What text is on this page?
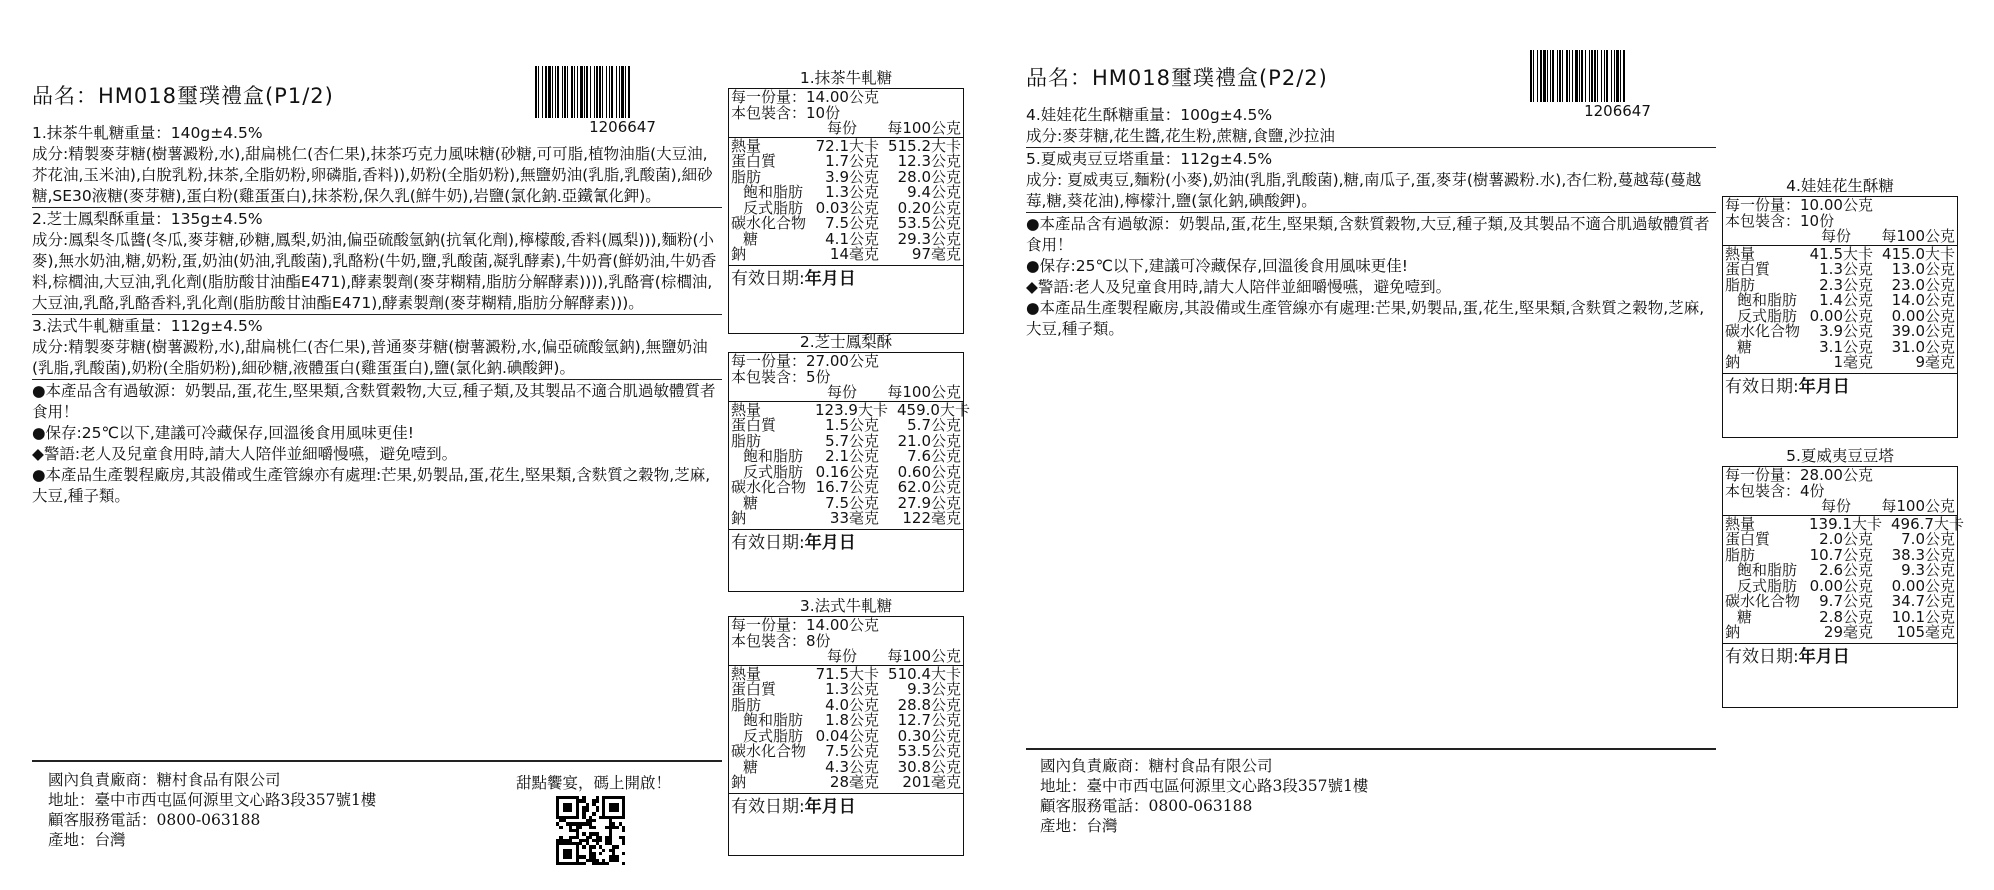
品名：HM018璽璞禮盒(P1/2)
1206647

1.抹茶牛軋糖重量：140g±4.5%

成分:精製麥芽糖(樹薯澱粉,水),甜扁桃仁(杏仁果),抹茶巧克力風味糖(砂糖,可可脂,植物油脂(大豆油,芥花油,玉米油),白脫乳粉,抹茶,全脂奶粉,卵磷脂,香料)),奶粉(全脂奶粉),無鹽奶油(乳脂,乳酸菌),細砂糖,SE30液糖(麥芽糖),蛋白粉(雞蛋蛋白),抹茶粉,保久乳(鮮牛奶),岩鹽(氯化鈉.亞鐵氰化鉀)。

2.芝士鳳梨酥重量：135g±4.5%

成分:鳳梨冬瓜醬(冬瓜,麥芽糖,砂糖,鳳梨,奶油,偏亞硫酸氫鈉(抗氧化劑),檸檬酸,香料(鳳梨))),麵粉(小麥),無水奶油,糖,奶粉,蛋,奶油(奶油,乳酸菌),乳酪粉(牛奶,鹽,乳酸菌,凝乳酵素),牛奶膏(鮮奶油,牛奶香料,棕櫚油,大豆油,乳化劑(脂肪酸甘油酯E471),酵素製劑(麥芽糊精,脂肪分解酵素)))),乳酪膏(棕櫚油,大豆油,乳酪,乳酪香料,乳化劑(脂肪酸甘油酯E471),酵素製劑(麥芽糊精,脂肪分解酵素)))。

3.法式牛軋糖重量：112g±4.5%

成分:精製麥芽糖(樹薯澱粉,水),甜扁桃仁(杏仁果),普通麥芽糖(樹薯澱粉,水,偏亞硫酸氫鈉),無鹽奶油(乳脂,乳酸菌),奶粉(全脂奶粉),細砂糖,液體蛋白(雞蛋蛋白),鹽(氯化鈉.碘酸鉀)。

●本產品含有過敏源：奶製品,蛋,花生,堅果類,含麩質穀物,大豆,種子類,及其製品不適合肌過敏體質者食用！

●保存:25℃以下,建議可冷藏保存,回溫後食用風味更佳!

◆警語:老人及兒童食用時,請大人陪伴並細嚼慢嚥，避免噎到。

●本產品生產製程廠房,其設備或生產管線亦有處理:芒果,奶製品,蛋,花生,堅果類,含麩質之穀物,芝麻,大豆,種子類。

國內負責廠商：糖村食品有限公司
地址：臺中市西屯區何源里文心路3段357號1樓
顧客服務電話：0800-063188
產地：台灣
甜點饗宴，碼上開啟！
1.抹茶牛軋糖
每一份量：14.00公克
本包裝含：10份
每份	每100公克
熱量	72.1大卡 515.2大卡
蛋白質	1.7公克	12.3公克
脂肪	3.9公克	28.0公克
飽和脂肪	1.3公克	9.4公克
反式脂肪 0.03公克	0.20公克
碳水化合物	7.5公克	53.5公克
糖	4.1公克	29.3公克
鈉	14毫克	97毫克
有效日期:年月日
2.芝士鳳梨酥
每一份量：27.00公克
本包裝含：5份
每份	每100公克
熱量	123.9大卡 459.0大卡
蛋白質	1.5公克	5.7公克
脂肪	5.7公克	21.0公克
飽和脂肪	2.1公克	7.6公克
反式脂肪 0.16公克	0.60公克
碳水化合物 16.7公克	62.0公克
糖	7.5公克	27.9公克
鈉	33毫克	122毫克
有效日期:年月日
3.法式牛軋糖
每一份量：14.00公克
本包裝含：8份
每份	每100公克
熱量	71.5大卡 510.4大卡
蛋白質	1.3公克	9.3公克
脂肪	4.0公克	28.8公克
飽和脂肪	1.8公克	12.7公克
反式脂肪 0.04公克	0.30公克
碳水化合物	7.5公克	53.5公克
糖	4.3公克	30.8公克
鈉	28毫克	201毫克
有效日期:年月日
品名：HM018璽璞禮盒(P2/2)
1206647

4.娃娃花生酥糖重量：100g±4.5%

成分:麥芽糖,花生醬,花生粉,蔗糖,食鹽,沙拉油

5.夏威夷豆豆塔重量：112g±4.5%

成分: 夏威夷豆,麵粉(小麥),奶油(乳脂,乳酸菌),糖,南瓜子,蛋,麥芽(樹薯澱粉.水),杏仁粉,蔓越莓(蔓越莓,糖,葵花油),檸檬汁,鹽(氯化鈉,碘酸鉀)。

●本產品含有過敏源：奶製品,蛋,花生,堅果類,含麩質穀物,大豆,種子類,及其製品不適合肌過敏體質者食用！

●保存:25℃以下,建議可冷藏保存,回溫後食用風味更佳!

◆警語:老人及兒童食用時,請大人陪伴並細嚼慢嚥，避免噎到。

●本產品生產製程廠房,其設備或生產管線亦有處理:芒果,奶製品,蛋,花生,堅果類,含麩質之穀物,芝麻,大豆,種子類。

國內負責廠商：糖村食品有限公司
地址：臺中市西屯區何源里文心路3段357號1樓
顧客服務電話：0800-063188
產地：台灣
4.娃娃花生酥糖
每一份量：10.00公克
本包裝含：10份
每份	每100公克
熱量	41.5大卡 415.0大卡
蛋白質	1.3公克	13.0公克
脂肪	2.3公克	23.0公克
飽和脂肪	1.4公克	14.0公克
反式脂肪 0.00公克	0.00公克
碳水化合物	3.9公克	39.0公克
糖	3.1公克	31.0公克
鈉	1毫克	9毫克
有效日期:年月日
5.夏威夷豆豆塔
每一份量：28.00公克
本包裝含：4份
每份	每100公克
熱量	139.1大卡 496.7大卡
蛋白質	2.0公克	7.0公克
脂肪	10.7公克	38.3公克
飽和脂肪	2.6公克	9.3公克
反式脂肪 0.00公克	0.00公克
碳水化合物	9.7公克	34.7公克
糖	2.8公克	10.1公克
鈉	29毫克	105毫克
有效日期:年月日
